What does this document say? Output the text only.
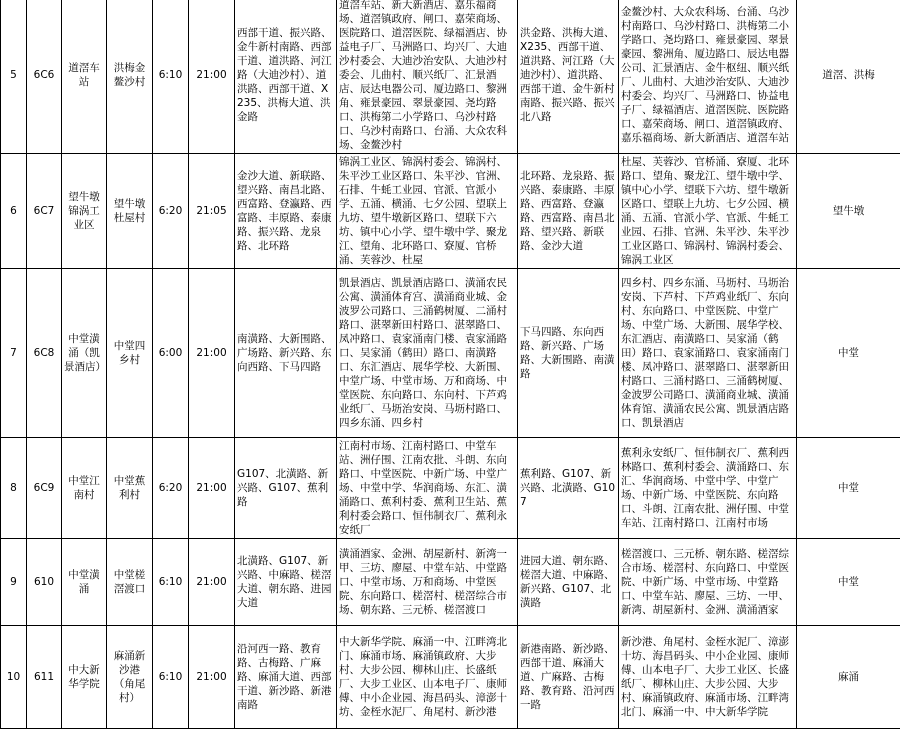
5	6C6	道滘车站	洪梅金鳌沙村	6:10	21:00	西部干道、振兴路、金牛新村南路、西部干道、道洪路、河江路（大迪沙村）、道洪路、西部干道、X235、洪梅大道、洪金路	道滘车站、新大新酒店、嘉乐福商场、道滘镇政府、闸口、嘉荣商场、医院路口、道滘医院、绿福酒店、协益电子厂、马洲路口、均兴厂、大迪沙村委会、大迪沙治安队、大迪沙村委会、儿曲村、顺兴纸厂、汇景酒店、辰达电器公司、厦边路口、黎洲角、雍景豪园、翠景豪园、尧均路口、洪梅第二小学路口、乌沙村路口、乌沙村南路口、台涌、大众农科场、金鳌沙村	洪金路、洪梅大道、X235、西部干道、道洪路、河江路（大迪沙村）、道洪路、西部干道、金牛新村南路、振兴路、振兴北八路	金鳌沙村、大众农科场、台涌、乌沙村南路口、乌沙村路口、洪梅第二小学路口、尧均路口、雍景豪园、翠景豪园、黎洲角、厦边路口、辰达电器公司、汇景酒店、金牛枢纽、顺兴纸厂、儿曲村、大迪沙治安队、大迪沙村委会、均兴厂、马洲路口、协益电子厂、绿福酒店、道滘医院、医院路口、嘉荣商场、闸口、道滘镇政府、嘉乐福商场、新大新酒店、道滘车站	道滘、洪梅
6	6C7	望牛墩锦涡工业区	望牛墩杜屋村	6:20	21:05	金沙大道、新联路、望兴路、南昌北路、西富路、登瀛路、西富路、丰原路、泰康路、振兴路、龙泉路、北环路	锦涡工业区、锦涡村委会、锦涡村、朱平沙工业区路口、朱平沙、官洲、石排、牛蚝工业园、官派、官派小学、五涌、横涌、七夕公园、望联上九坊、望牛墩新区路口、望联下六坊、镇中心小学、望牛墩中学、聚龙江、望角、北环路口、寮厦、官桥涌、芙蓉沙、杜屋	北环路、龙泉路、振兴路、泰康路、丰原路、西富路、登瀛路、西富路、南昌北路、望兴路、新联路、金沙大道	杜屋、芙蓉沙、官桥涌、寮厦、北环路口、望角、聚龙江、望牛墩中学、镇中心小学、望联下六坊、望牛墩新区路口、望联上九坊、七夕公园、横涌、五涌、官派小学、官派、牛蚝工业园、石排、官洲、朱平沙、朱平沙工业区路口、锦涡村、锦涡村委会、锦涡工业区	望牛墩
7	6C8	中堂潢涌（凯景酒店）	中堂四乡村	6:00	21:00	南潢路、大新围路、广场路、新兴路、东向西路、下马四路	凯景酒店、凯景酒店路口、潢涌农民公寓、潢涌体育宫、潢涌商业城、金波罗公司路口、三涌鹤树厦、二涌村路口、湛翠新田村路口、湛翠路口、凤冲路口、袁家涌南门楼、袁家涌路口、吴家涌（鹤田）路口、南潢路口、东汇酒店、展华学校、大新围、中堂广场、中堂市场、万和商场、中堂医院、东向路口、东向村、下芦鸡业纸厂、马坜治安岗、马坜村路口、四乡东涌、四乡村	下马四路、东向西路、新兴路、广场路、大新围路、南潢路	四乡村、四乡东涌、马坜村、马坜治安岗、下芦村、下芦鸡业纸厂、东向村、东向路口、中堂医院、中堂广场、中堂广场、大新围、展华学校、东汇酒店、南潢路口、吴家涌（鹤田）路口、袁家涌路口、袁家涌南门楼、凤冲路口、湛翠路口、湛翠新田村路口、三涌村路口、三涌鹤树厦、金波罗公司路口、潢涌商业城、潢涌体育馆、潢涌农民公寓、凯景酒店路口、凯景酒店	中堂
8	6C9	中堂江南村	中堂蕉利村	6:20	21:00	G107、北潢路、新兴路、G107、蕉利路	江南村市场、江南村路口、中堂车站、洲仔围、江南农批、斗朗、东向路口、中堂医院、中新广场、中堂广场、中堂中学、华润商场、东汇、潢涌路口、蕉利村委、蕉利卫生站、蕉利村委会路口、恒伟制衣厂、蕉利永安纸厂	蕉利路、G107、新兴路、北潢路、G107	蕉利永安纸厂、恒伟制衣厂、蕉利西林路口、蕉利村委会、潢涌路口、东汇、华润商场、中堂中学、中堂广场、中新广场、中堂医院、东向路口、斗朗、江南农批、洲仔围、中堂车站、江南村路口、江南村市场	中堂
9	610	中堂潢涌	中堂槎滘渡口	6:10	21:00	北潢路、G107、新兴路、中麻路、槎滘大道、朝东路、进园大道	潢涌酒家、金洲、胡屋新村、新湾一甲、三坊、廖屋、中堂车站、中堂路口、中堂市场、万和商场、中堂医院、东向路口、槎滘村、槎滘综合市场、朝东路、三元桥、槎滘渡口	进园大道、朝东路、槎滘大道、中麻路、新兴路、G107、北潢路	槎滘渡口、三元桥、朝东路、槎滘综合市场、槎滘村、东向路口、中堂医院、中新广场、中堂市场、中堂路口、中堂车站、廖屋、三坊、一甲、新湾、胡屋新村、金洲、潢涌酒家	中堂
10	611	中大新华学院	麻涌新沙港（角尾村）	6:10	21:00	沿河西一路、教育路、古梅路、广麻路、麻涌大道、西部干道、新沙路、新港南路	中大新华学院、麻涌一中、江畔湾北门、麻涌市场、麻涌镇政府、大步村、大步公园、柳林山庄、长盛纸厂、大步工业区、山本电子厂、康师傅、中小企业园、海昌码头、漳澎十坊、金桎水泥厂、角尾村、新沙港	新港南路、新沙路、西部干道、麻涌大道、广麻路、古梅路、教育路、沿河西一路	新沙港、角尾村、金桎水泥厂、漳澎十坊、海昌码头、中小企业园、康师傅、山本电子厂、大步工业区、长盛纸厂、柳林山庄、大步公园、大步村、麻涌镇政府、麻涌市场、江畔湾北门、麻涌一中、中大新华学院	麻涌
